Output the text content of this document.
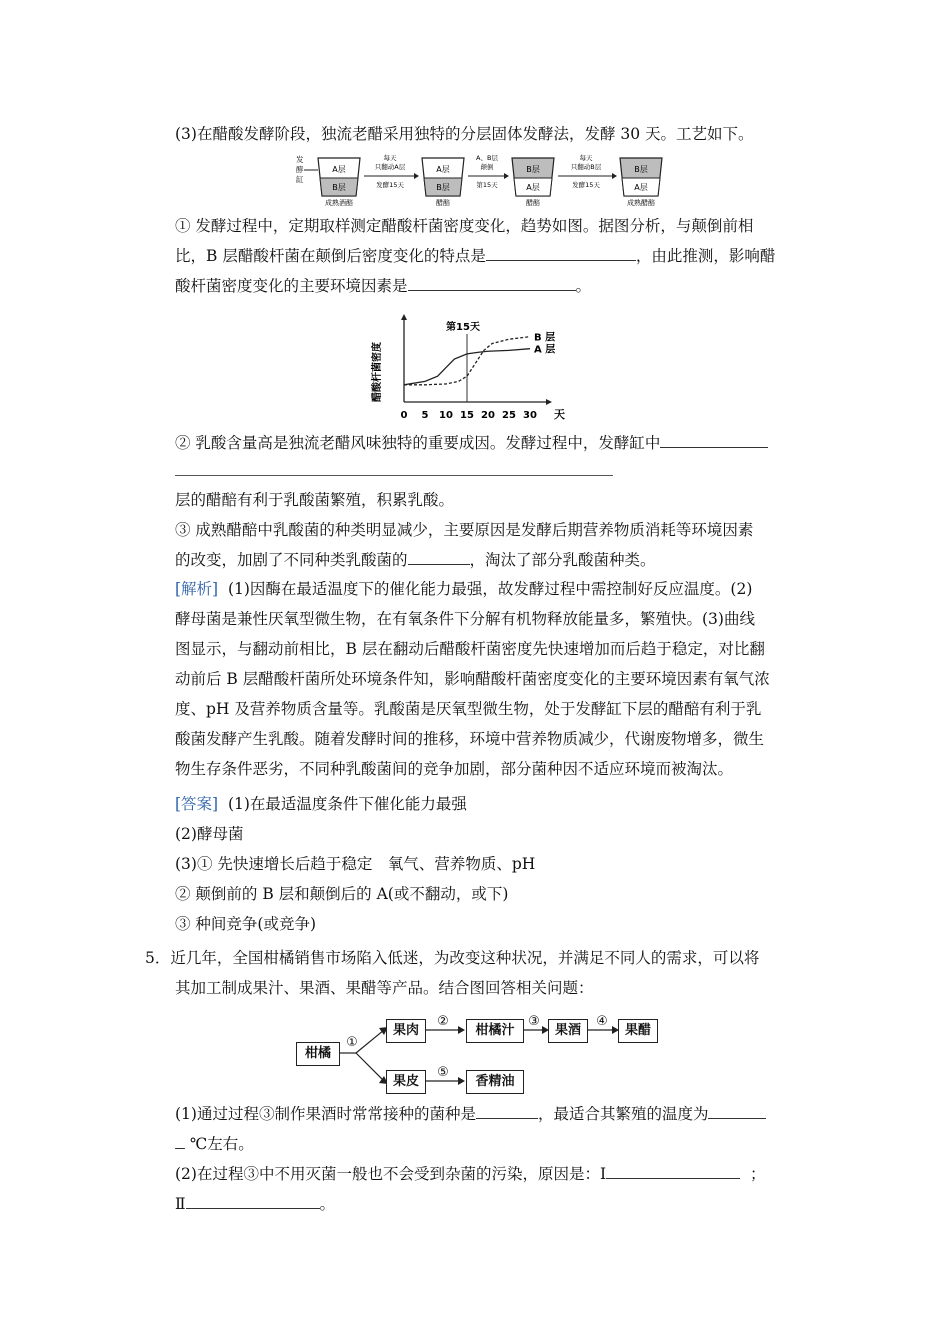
(3)在醋酸发酵阶段，独流老醋采用独特的分层固体发酵法，发酵 30 天。工艺如下。
发
酵
缸
A层
B层
成熟酒醅
每天
只翻动A层
发酵15天
A层
B层
醋醅
A、B层
颠倒
第15天
B层
A层
醋醅
每天
只翻动B层
发酵15天
B层
A层
成熟醋醅
① 发酵过程中，定期取样测定醋酸杆菌密度变化，趋势如图。据图分析，与颠倒前相
比，B 层醋酸杆菌在颠倒后密度变化的特点是	，由此推测，影响醋
酸杆菌密度变化的主要环境因素是	。
醋酸杆菌密度
天
第15天
A 层
B 层
0 5 10 15 20 25 30
② 乳酸含量高是独流老醋风味独特的重要成因。发酵过程中，发酵缸中
层的醋醅有利于乳酸菌繁殖，积累乳酸。
③ 成熟醋醅中乳酸菌的种类明显减少，主要原因是发酵后期营养物质消耗等环境因素
的改变，加剧了不同种类乳酸菌的	，淘汰了部分乳酸菌种类。
[解析] (1)因酶在最适温度下的催化能力最强，故发酵过程中需控制好反应温度。(2)
酵母菌是兼性厌氧型微生物，在有氧条件下分解有机物释放能量多，繁殖快。(3)曲线
图显示，与翻动前相比，B 层在翻动后醋酸杆菌密度先快速增加而后趋于稳定，对比翻
动前后 B 层醋酸杆菌所处环境条件知，影响醋酸杆菌密度变化的主要环境因素有氧气浓
度、pH 及营养物质含量等。乳酸菌是厌氧型微生物，处于发酵缸下层的醋醅有利于乳
酸菌发酵产生乳酸。随着发酵时间的推移，环境中营养物质减少，代谢废物增多，微生
物生存条件恶劣，不同种乳酸菌间的竞争加剧，部分菌种因不适应环境而被淘汰。
[答案] (1)在最适温度条件下催化能力最强
(2)酵母菌
(3)① 先快速增长后趋于稳定　氧气、营养物质、pH
② 颠倒前的 B 层和颠倒后的 A(或不翻动，或下)
③ 种间竞争(或竞争)
5．近几年，全国柑橘销售市场陷入低迷，为改变这种状况，并满足不同人的需求，可以将
其加工制成果汁、果酒、果醋等产品。结合图回答相关问题：
①
②	③	④
⑤
柑橘
果肉	柑橘汁	果酒	果醋
果皮	香精油
(1)通过过程③制作果酒时常常接种的菌种是	，最适合其繁殖的温度为
℃左右。
(2)在过程③中不用灭菌一般也不会受到杂菌的污染，原因是：Ⅰ	；
Ⅱ	。
